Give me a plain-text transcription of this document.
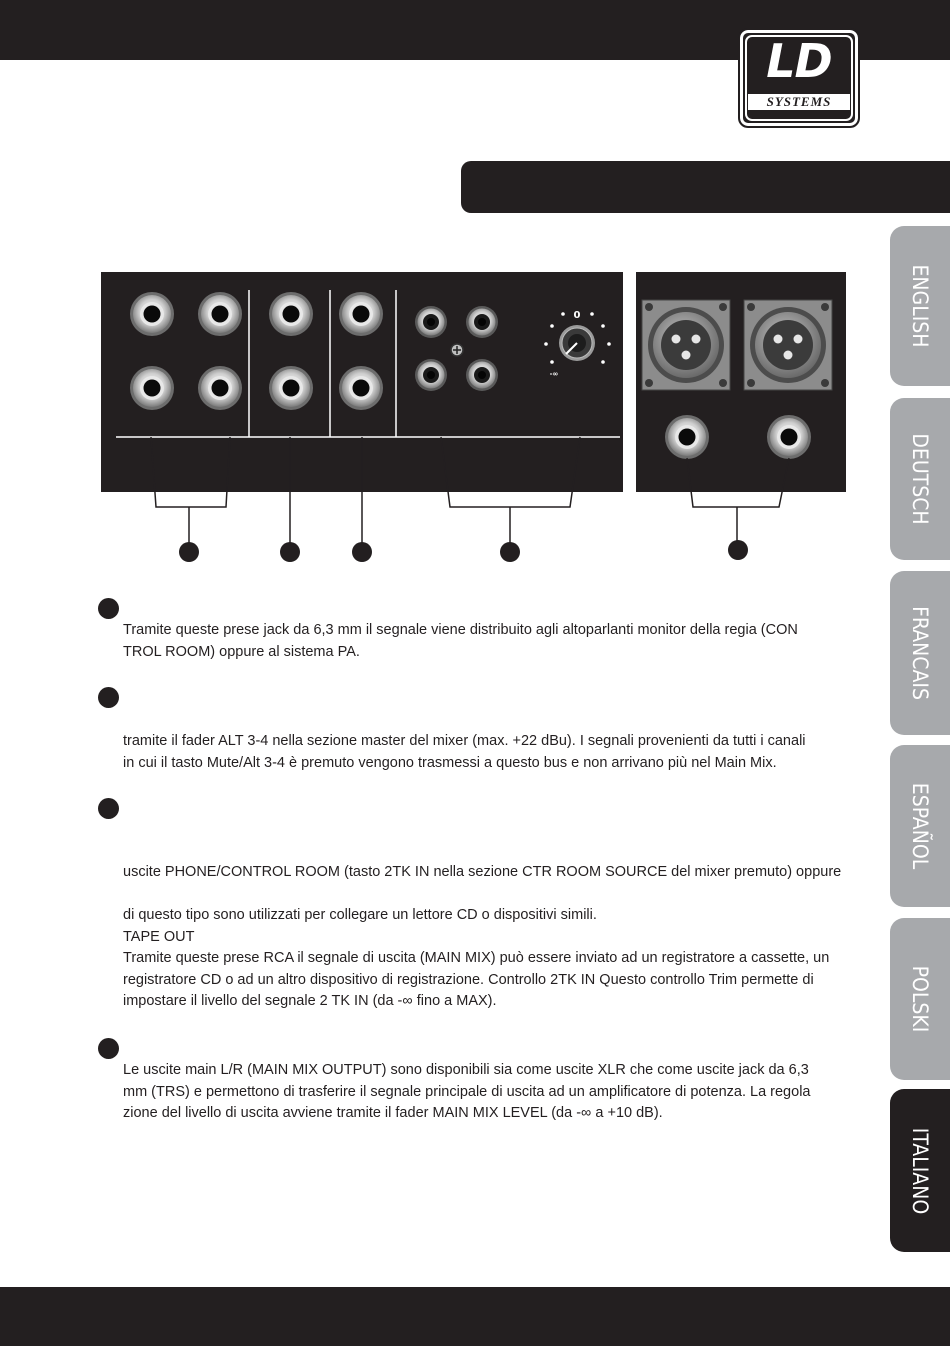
LD
SYSTEMS
ENGLISH
DEUTSCH
FRANCAIS
ESPAÑOL
POLSKI
ITALIANO
0
-∞
Tramite queste prese jack da 6,3 mm il segnale viene distribuito agli altoparlanti monitor della regia (CON
TROL ROOM) oppure al sistema PA.
tramite il fader ALT 3-4 nella sezione master del mixer (max. +22 dBu). I segnali provenienti da tutti i canali
in cui il tasto Mute/Alt 3-4 è premuto vengono trasmessi a questo bus e non arrivano più nel Main Mix.
uscite PHONE/CONTROL ROOM (tasto 2TK IN nella sezione CTR ROOM SOURCE del mixer premuto) oppure
di questo tipo sono utilizzati per collegare un lettore CD o dispositivi simili.
TAPE OUT
Tramite queste prese RCA il segnale di uscita (MAIN MIX) può essere inviato ad un registratore a cassette, un
registratore CD o ad un altro dispositivo di registrazione. Controllo 2TK IN Questo controllo Trim permette di
impostare il livello del segnale 2 TK IN (da -∞ fino a MAX).
Le uscite main L/R (MAIN MIX OUTPUT) sono disponibili sia come uscite XLR che come uscite jack da 6,3
mm (TRS) e permettono di trasferire il segnale principale di uscita ad un amplificatore di potenza. La regola
zione del livello di uscita avviene tramite il fader MAIN MIX LEVEL (da -∞ a +10 dB).
